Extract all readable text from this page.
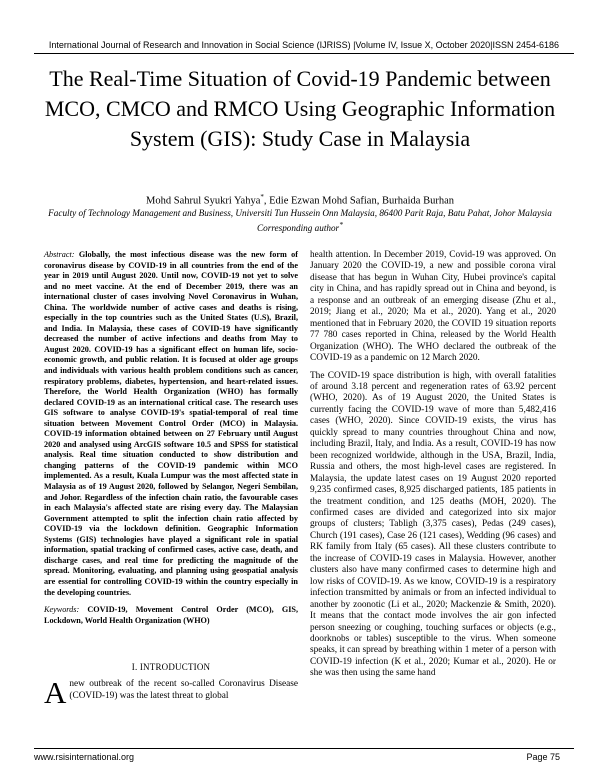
International Journal of Research and Innovation in Social Science (IJRISS) |Volume IV, Issue X, October 2020|ISSN 2454-6186
The Real-Time Situation of Covid-19 Pandemic between MCO, CMCO and RMCO Using Geographic Information System (GIS): Study Case in Malaysia
Mohd Sahrul Syukri Yahya*, Edie Ezwan Mohd Safian, Burhaida Burhan
Faculty of Technology Management and Business, Universiti Tun Hussein Onn Malaysia, 86400 Parit Raja, Batu Pahat, Johor Malaysia
Corresponding author*
Abstract: Globally, the most infectious disease was the new form of coronavirus disease by COVID-19 in all countries from the end of the year in 2019 until August 2020. Until now, COVID-19 not yet to solve and no meet vaccine. At the end of December 2019, there was an international cluster of cases involving Novel Coronavirus in Wuhan, China. The worldwide number of active cases and deaths is rising, especially in the top countries such as the United States (U.S), Brazil, and India. In Malaysia, these cases of COVID-19 have significantly decreased the number of active infections and deaths from May to August 2020. COVID-19 has a significant effect on human life, socio-economic growth, and public relation. It is focused at older age groups and individuals with various health problem conditions such as cancer, respiratory problems, diabetes, hypertension, and heart-related issues. Therefore, the World Health Organization (WHO) has formally declared COVID-19 as an international critical case. The research uses GIS software to analyse COVID-19's spatial-temporal of real time situation between Movement Control Order (MCO) in Malaysia. COVID-19 information obtained between on 27 February until August 2020 and analysed using ArcGIS software 10.5 and SPSS for statistical analysis. Real time situation conducted to show distribution and changing patterns of the COVID-19 pandemic within MCO implemented. As a result, Kuala Lumpur was the most affected state in Malaysia as of 19 August 2020, followed by Selangor, Negeri Sembilan, and Johor. Regardless of the infection chain ratio, the favourable cases in each Malaysia's affected state are rising every day. The Malaysian Government attempted to split the infection chain ratio affected by COVID-19 via the lockdown definition. Geographic Information Systems (GIS) technologies have played a significant role in spatial information, spatial tracking of confirmed cases, active case, death, and discharge cases, and real time for predicting the magnitude of the spread. Monitoring, evaluating, and planning using geospatial analysis are essential for controlling COVID-19 within the country especially in the developing countries.
Keywords: COVID-19, Movement Control Order (MCO), GIS, Lockdown, World Health Organization (WHO)
I. INTRODUCTION
Anew outbreak of the recent so-called Coronavirus Disease (COVID-19) was the latest threat to global

health attention. In December 2019, Covid-19 was approved. On January 2020 the COVID-19, a new and possible corona viral disease that has begun in Wuhan City, Hubei province's capital city in China, and has rapidly spread out in China and beyond, is a response and an outbreak of an emerging disease (Zhu et al., 2019; Jiang et al., 2020; Ma et al., 2020). Yang et al., 2020 mentioned that in February 2020, the COVID 19 situation reports 77 780 cases reported in China, released by the World Health Organization (WHO). The WHO declared the outbreak of the COVID-19 as a pandemic on 12 March 2020.

The COVID-19 space distribution is high, with overall fatalities of around 3.18 percent and regeneration rates of 63.92 percent (WHO, 2020). As of 19 August 2020, the United States is currently facing the COVID-19 wave of more than 5,482,416 cases (WHO, 2020). Since COVID-19 exists, the virus has quickly spread to many countries throughout China and now, including Brazil, Italy, and India. As a result, COVID-19 has now been recognized worldwide, although in the USA, Brazil, India, Russia and others, the most high-level cases are registered. In Malaysia, the update latest cases on 19 August 2020 reported 9,235 confirmed cases, 8,925 discharged patients, 185 patients in the treatment condition, and 125 deaths (MOH, 2020). The confirmed cases are divided and categorized into six major groups of clusters; Tabligh (3,375 cases), Pedas (249 cases), Church (191 cases), Case 26 (121 cases), Wedding (96 cases) and RK family from Italy (65 cases). All these clusters contribute to the increase of COVID-19 cases in Malaysia. However, another clusters also have many confirmed cases to determine high and low risks of COVID-19. As we know, COVID-19 is a respiratory infection transmitted by animals or from an infected individual to another by zoonotic (Li et al., 2020; Mackenzie & Smith, 2020). It means that the contact mode involves the air gon infected person sneezing or coughing, touching surfaces or objects (e.g., doorknobs or tables) susceptible to the virus. When someone speaks, it can spread by breathing within 1 meter of a person with COVID-19 infection (K et al., 2020; Kumar et al., 2020). He or she was then using the same hand

www.rsisinternational.org	Page 75
